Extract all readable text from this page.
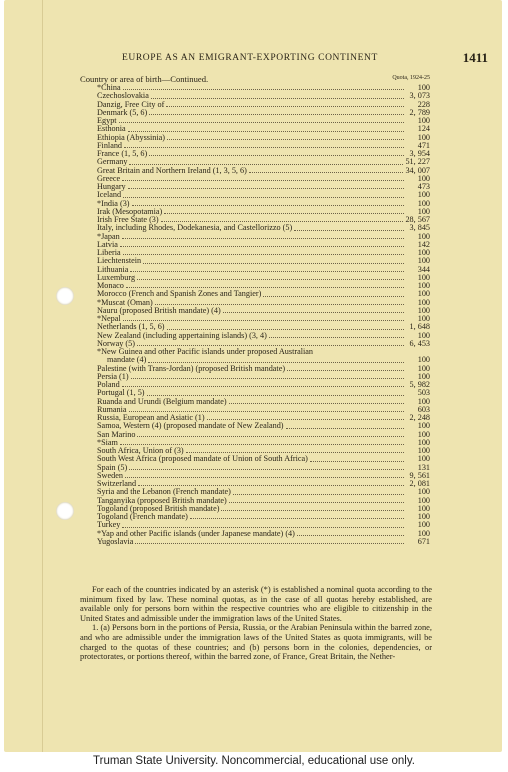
EUROPE AS AN EMIGRANT-EXPORTING CONTINENT	1411
Country or area of birth—Continued.	Quota, 1924-25
*China	100
Czechoslovakia	3, 073
Danzig, Free City of	228
Denmark (5, 6)	2, 789
Egypt	100
Esthonia	124
Ethiopia (Abyssinia)	100
Finland	471
France (1, 5, 6)	3, 954
Germany	51, 227
Great Britain and Northern Ireland (1, 3, 5, 6)	34, 007
Greece	100
Hungary	473
Iceland	100
*India (3)	100
Irak (Mesopotamia)	100
Irish Free State (3)	28, 567
Italy, including Rhodes, Dodekanesia, and Castellorizzo (5)	3, 845
*Japan	100
Latvia	142
Liberia	100
Liechtenstein	100
Lithuania	344
Luxemburg	100
Monaco	100
Morocco (French and Spanish Zones and Tangier)	100
*Muscat (Oman)	100
Nauru (proposed British mandate) (4)	100
*Nepal	100
Netherlands (1, 5, 6)	1, 648
New Zealand (including appertaining islands) (3, 4)	100
Norway (5)	6, 453
*New Guinea and other Pacific islands under proposed Australian
mandate (4)	100
Palestine (with Trans-Jordan) (proposed British mandate)	100
Persia (1)	100
Poland	5, 982
Portugal (1, 5)	503
Ruanda and Urundi (Belgium mandate)	100
Rumania	603
Russia, European and Asiatic (1)	2, 248
Samoa, Western (4) (proposed mandate of New Zealand)	100
San Marino	100
*Siam	100
South Africa, Union of (3)	100
South West Africa (proposed mandate of Union of South Africa)	100
Spain (5)	131
Sweden	9, 561
Switzerland	2, 081
Syria and the Lebanon (French mandate)	100
Tanganyika (proposed British mandate)	100
Togoland (proposed British mandate)	100
Togoland (French mandate)	100
Turkey	100
*Yap and other Pacific islands (under Japanese mandate) (4)	100
Yugoslavia	671

For each of the countries indicated by an asterisk (*) is established a nominal quota according to the minimum fixed by law. These nominal quotas, as in the case of all quotas hereby established, are available only for persons born within the respective countries who are eligible to citizenship in the United States and admissible under the immigration laws of the United States.

1. (a) Persons born in the portions of Persia, Russia, or the Arabian Peninsula within the barred zone, and who are admissible under the immigration laws of the United States as quota immigrants, will be charged to the quotas of these countries; and (b) persons born in the colonies, dependencies, or protectorates, or portions thereof, within the barred zone, of France, Great Britain, the Nether-

Truman State University. Noncommercial, educational use only.
